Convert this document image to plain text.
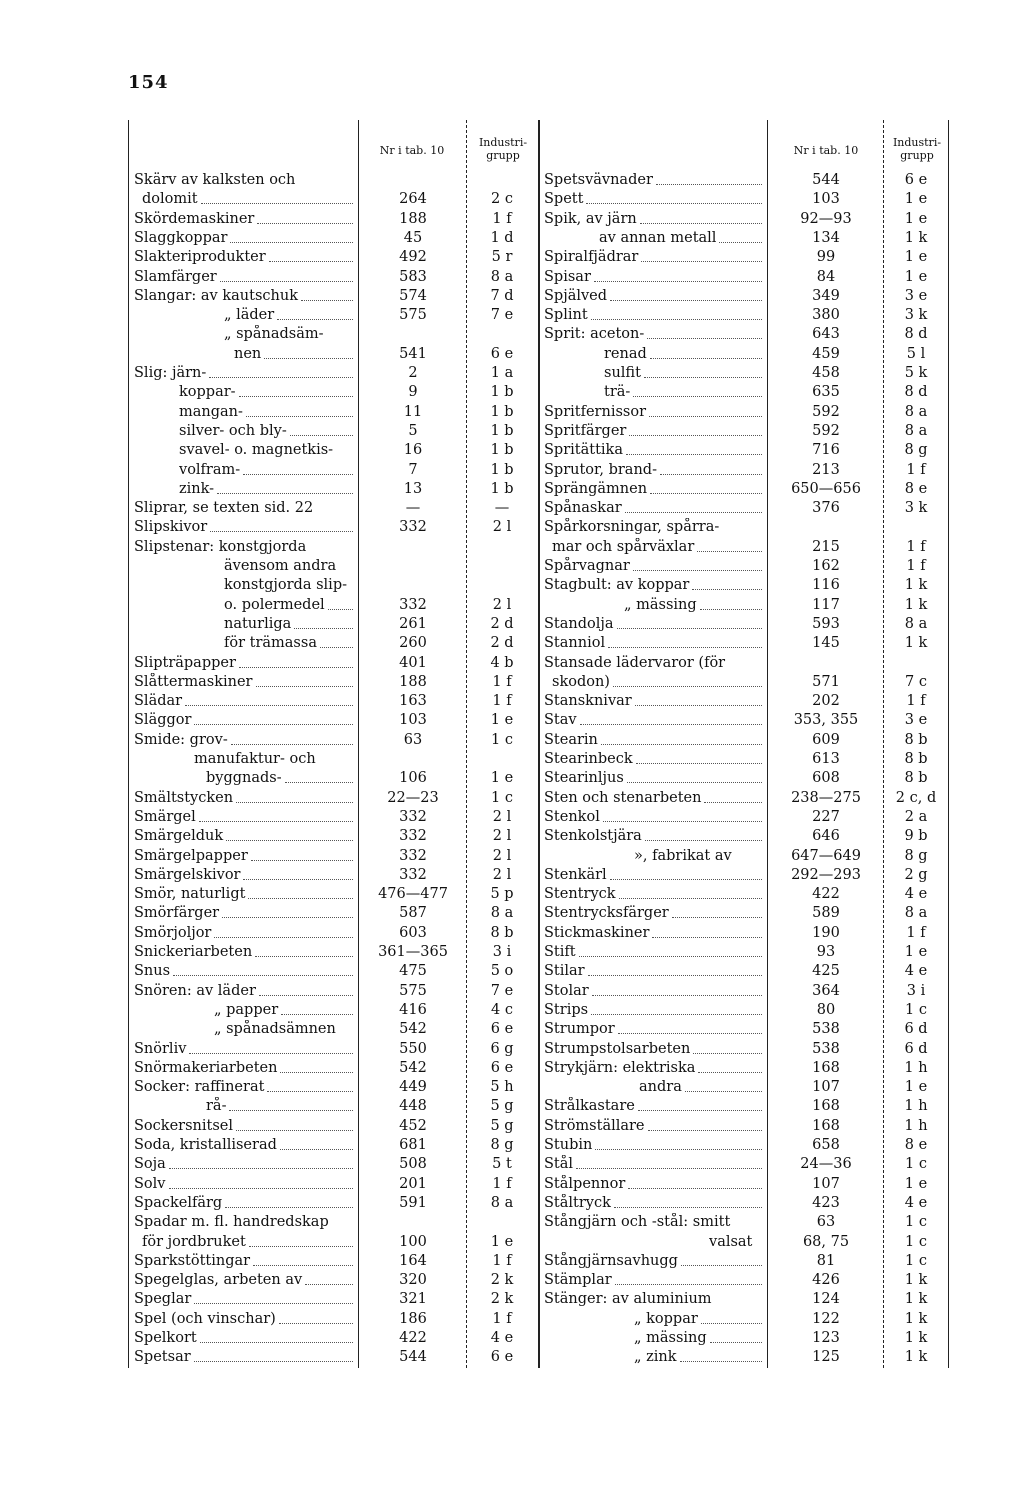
154
Nr i tab. 10
Industri-grupp	Nr i tab. 10
Industri-grupp
Skärv av kalksten och
dolomit	264	2 c
Skördemaskiner	188	1 f
Slaggkoppar	45	1 d
Slakteriprodukter	492	5 r
Slamfärger	583	8 a
Slangar: av kautschuk	574	7 d
„ läder	575	7 e
„ spånadsäm-
nen	541	6 e
Slig: järn-	2	1 a
koppar-	9	1 b
mangan-	11	1 b
silver- och bly-	5	1 b
svavel- o. magnetkis-	16	1 b
volfram-	7	1 b
zink-	13	1 b
Sliprar, se texten sid. 22	—	—
Slipskivor	332	2 l
Slipstenar: konstgjorda
ävensom andra
konstgjorda slip-
o. polermedel	332	2 l
naturliga	261	2 d
för trämassa	260	2 d
Slipträpapper	401	4 b
Slåttermaskiner	188	1 f
Slädar	163	1 f
Släggor	103	1 e
Smide: grov-	63	1 c
manufaktur- och
byggnads-	106	1 e
Smältstycken	22—23	1 c
Smärgel	332	2 l
Smärgelduk	332	2 l
Smärgelpapper	332	2 l
Smärgelskivor	332	2 l
Smör, naturligt	476—477	5 p
Smörfärger	587	8 a
Smörjoljor	603	8 b
Snickeriarbeten	361—365	3 i
Snus	475	5 o
Snören: av läder	575	7 e
„ papper	416	4 c
„ spånadsämnen	542	6 e
Snörliv	550	6 g
Snörmakeriarbeten	542	6 e
Socker: raffinerat	449	5 h
rå-	448	5 g
Sockersnitsel	452	5 g
Soda, kristalliserad	681	8 g
Soja	508	5 t
Solv	201	1 f
Spackelfärg	591	8 a
Spadar m. fl. handredskap
för jordbruket	100	1 e
Sparkstöttingar	164	1 f
Spegelglas, arbeten av	320	2 k
Speglar	321	2 k
Spel (och vinschar)	186	1 f
Spelkort	422	4 e
Spetsar	544	6 e
Spetsvävnader	544	6 e
Spett	103	1 e
Spik, av järn	92—93	1 e
av annan metall	134	1 k
Spiralfjädrar	99	1 e
Spisar	84	1 e
Spjälved	349	3 e
Splint	380	3 k
Sprit: aceton-	643	8 d
renad	459	5 l
sulfit	458	5 k
trä-	635	8 d
Spritfernissor	592	8 a
Spritfärger	592	8 a
Spritättika	716	8 g
Sprutor, brand-	213	1 f
Sprängämnen	650—656	8 e
Spånaskar	376	3 k
Spårkorsningar, spårra-
mar och spårväxlar	215	1 f
Spårvagnar	162	1 f
Stagbult: av koppar	116	1 k
„ mässing	117	1 k
Standolja	593	8 a
Stanniol	145	1 k
Stansade lädervaror (för
skodon)	571	7 c
Stansknivar	202	1 f
Stav	353, 355	3 e
Stearin	609	8 b
Stearinbeck	613	8 b
Stearinljus	608	8 b
Sten och stenarbeten	238—275	2 c, d
Stenkol	227	2 a
Stenkolstjära	646	9 b
», fabrikat av	647—649	8 g
Stenkärl	292—293	2 g
Stentryck	422	4 e
Stentrycksfärger	589	8 a
Stickmaskiner	190	1 f
Stift	93	1 e
Stilar	425	4 e
Stolar	364	3 i
Strips	80	1 c
Strumpor	538	6 d
Strumpstolsarbeten	538	6 d
Strykjärn: elektriska	168	1 h
andra	107	1 e
Strålkastare	168	1 h
Strömställare	168	1 h
Stubin	658	8 e
Stål	24—36	1 c
Stålpennor	107	1 e
Ståltryck	423	4 e
Stångjärn och -stål: smitt	63	1 c
valsat	68, 75	1 c
Stångjärnsavhugg	81	1 c
Stämplar	426	1 k
Stänger: av aluminium	124	1 k
„ koppar	122	1 k
„ mässing	123	1 k
„ zink	125	1 k
